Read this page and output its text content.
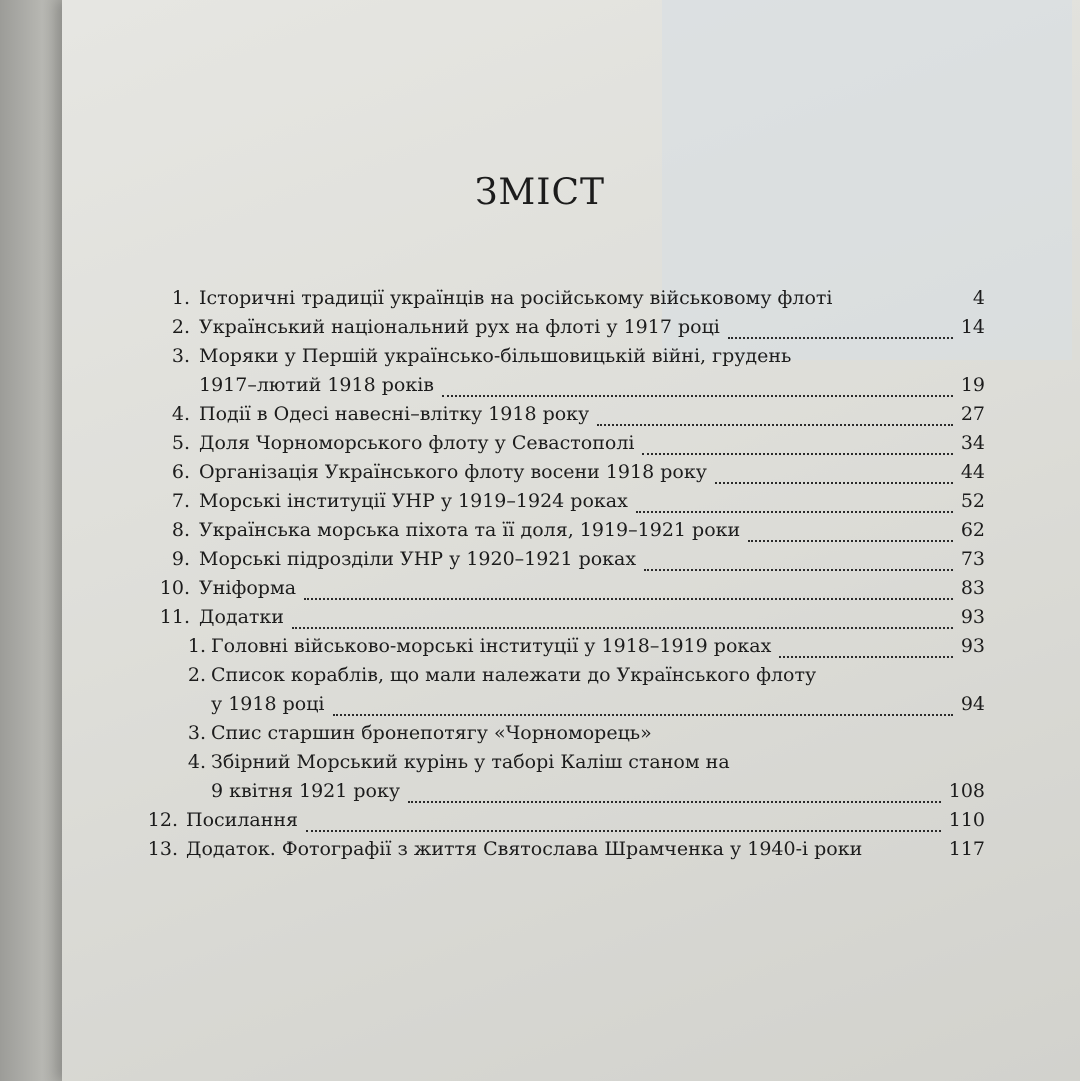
ЗМІСТ
1. Історичні традиції українців на російському військовому флоті	4
2. Український національний рух на флоті у 1917 році	14
3. Моряки у Першій українсько-більшовицькій війні, грудень
1917–лютий 1918 років	19
4. Події в Одесі навесні–влітку 1918 року	27
5. Доля Чорноморського флоту у Севастополі	34
6. Організація Українського флоту восени 1918 року	44
7. Морські інституції УНР у 1919–1924 роках	52
8. Українська морська піхота та її доля, 1919–1921 роки	62
9. Морські підрозділи УНР у 1920–1921 роках	73
10. Уніформа	83
11. Додатки	93
1. Головні військово-морські інституції у 1918–1919 роках	93
2. Список кораблів, що мали належати до Українського флоту
у 1918 році	94
3. Спис старшин бронепотягу «Чорноморець»
4. Збірний Морський курінь у таборі Каліш станом на
9 квітня 1921 року	108
12. Посилання	110
13. Додаток. Фотографії з життя Святослава Шрамченка у 1940-і роки	117
